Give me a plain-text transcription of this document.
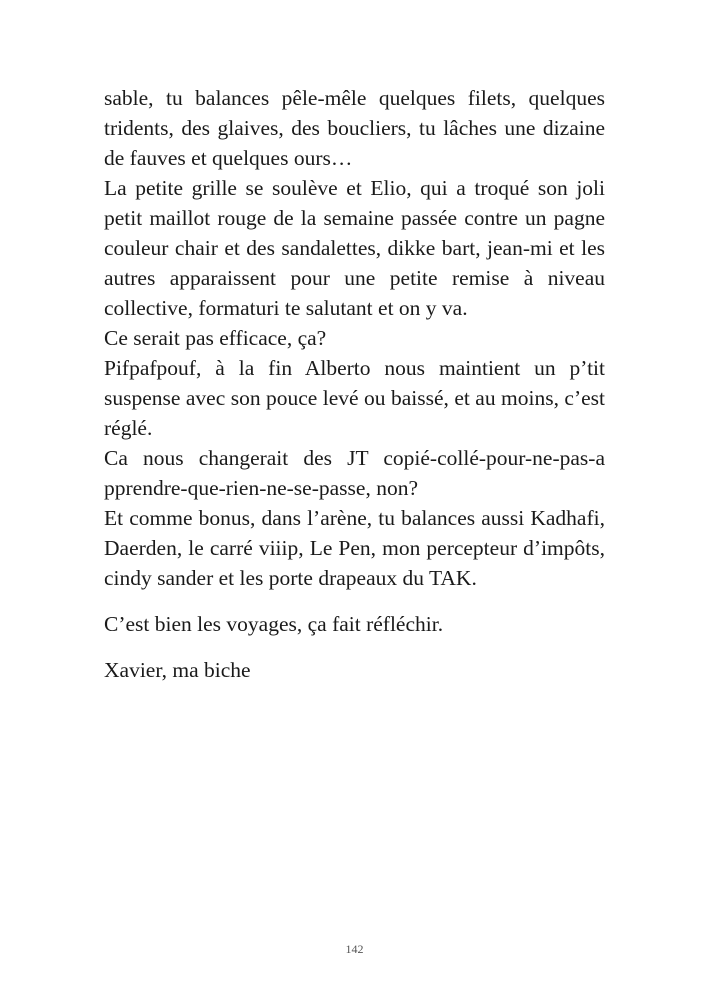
sable, tu balances pêle-mêle quelques filets, quelques tridents, des glaives, des boucliers, tu lâches une dizaine de fauves et quelques ours…

La petite grille se soulève et Elio, qui a troqué son joli petit maillot rouge de la semaine passée contre un pagne couleur chair et des sandalettes, dikke bart, jean-mi et les autres apparaissent pour une petite remise à niveau collective, formaturi te salutant et on y va.

Ce serait pas efficace, ça?

Pifpafpouf, à la fin Alberto nous maintient un p’tit suspense avec son pouce levé ou baissé, et au moins, c’est réglé.

Ca nous changerait des JT copié-collé-pour-ne-pas-a pprendre-que-rien-ne-se-passe, non?

Et comme bonus, dans l’arène, tu balances aussi Kadhafi, Daerden, le carré viiip, Le Pen, mon percepteur d’impôts, cindy sander et les porte drapeaux du TAK.

C’est bien les voyages, ça fait réfléchir.

Xavier, ma biche

142
